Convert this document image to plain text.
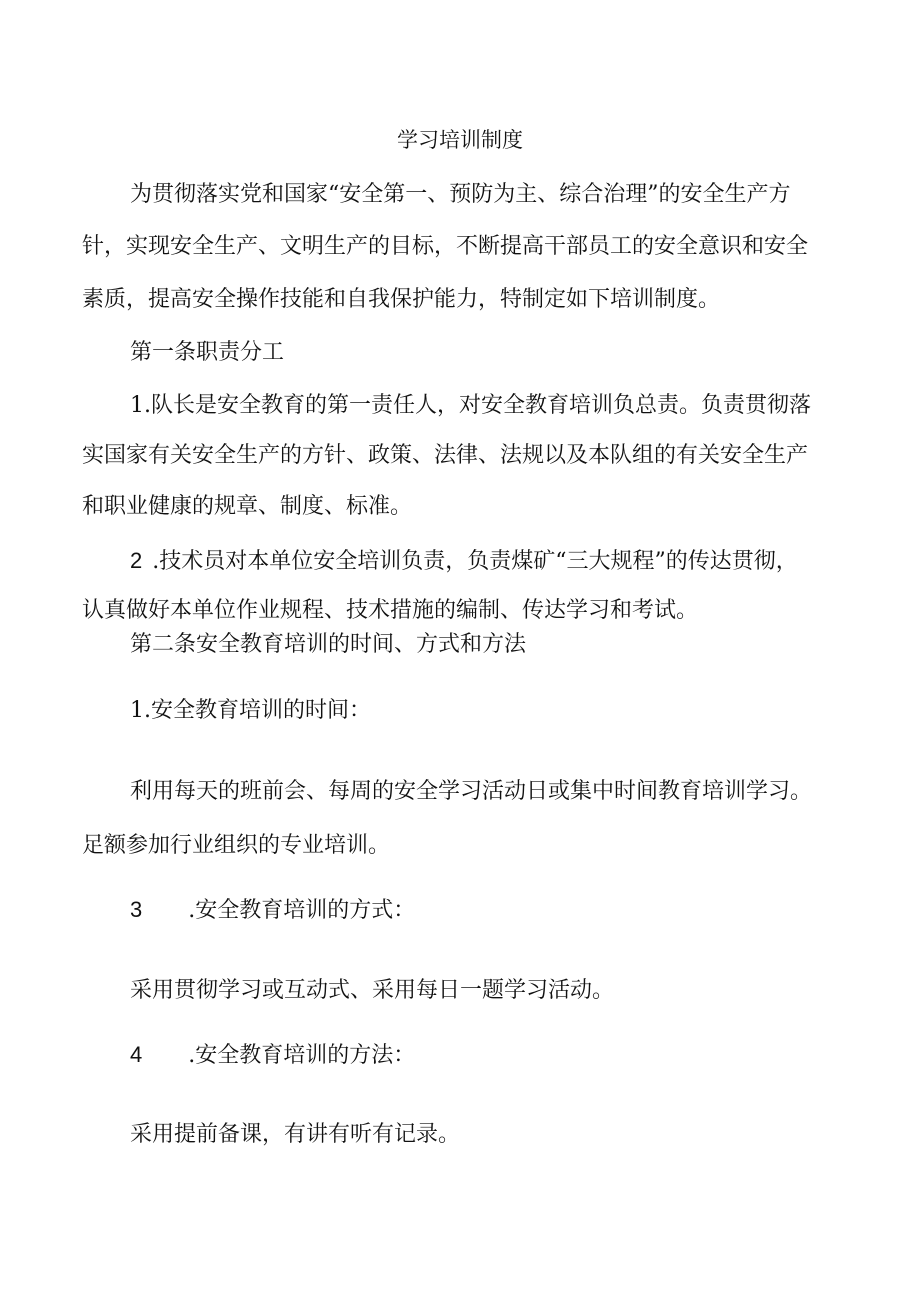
学习培训制度

为贯彻落实党和国家“安全第一、预防为主、综合治理”的安全生产方

针，实现安全生产、文明生产的目标，不断提高干部员工的安全意识和安全

素质，提高安全操作技能和自我保护能力，特制定如下培训制度。

第一条职责分工

1.队长是安全教育的第一责任人，对安全教育培训负总责。负责贯彻落

实国家有关安全生产的方针、政策、法律、法规以及本队组的有关安全生产

和职业健康的规章、制度、标准。

2 .技术员对本单位安全培训负责，负责煤矿“三大规程”的传达贯彻，

认真做好本单位作业规程、技术措施的编制、传达学习和考试。

第二条安全教育培训的时间、方式和方法

1.安全教育培训的时间：

利用每天的班前会、每周的安全学习活动日或集中时间教育培训学习。

足额参加行业组织的专业培训。

3 .安全教育培训的方式：

采用贯彻学习或互动式、采用每日一题学习活动。

4 .安全教育培训的方法：

采用提前备课，有讲有听有记录。
